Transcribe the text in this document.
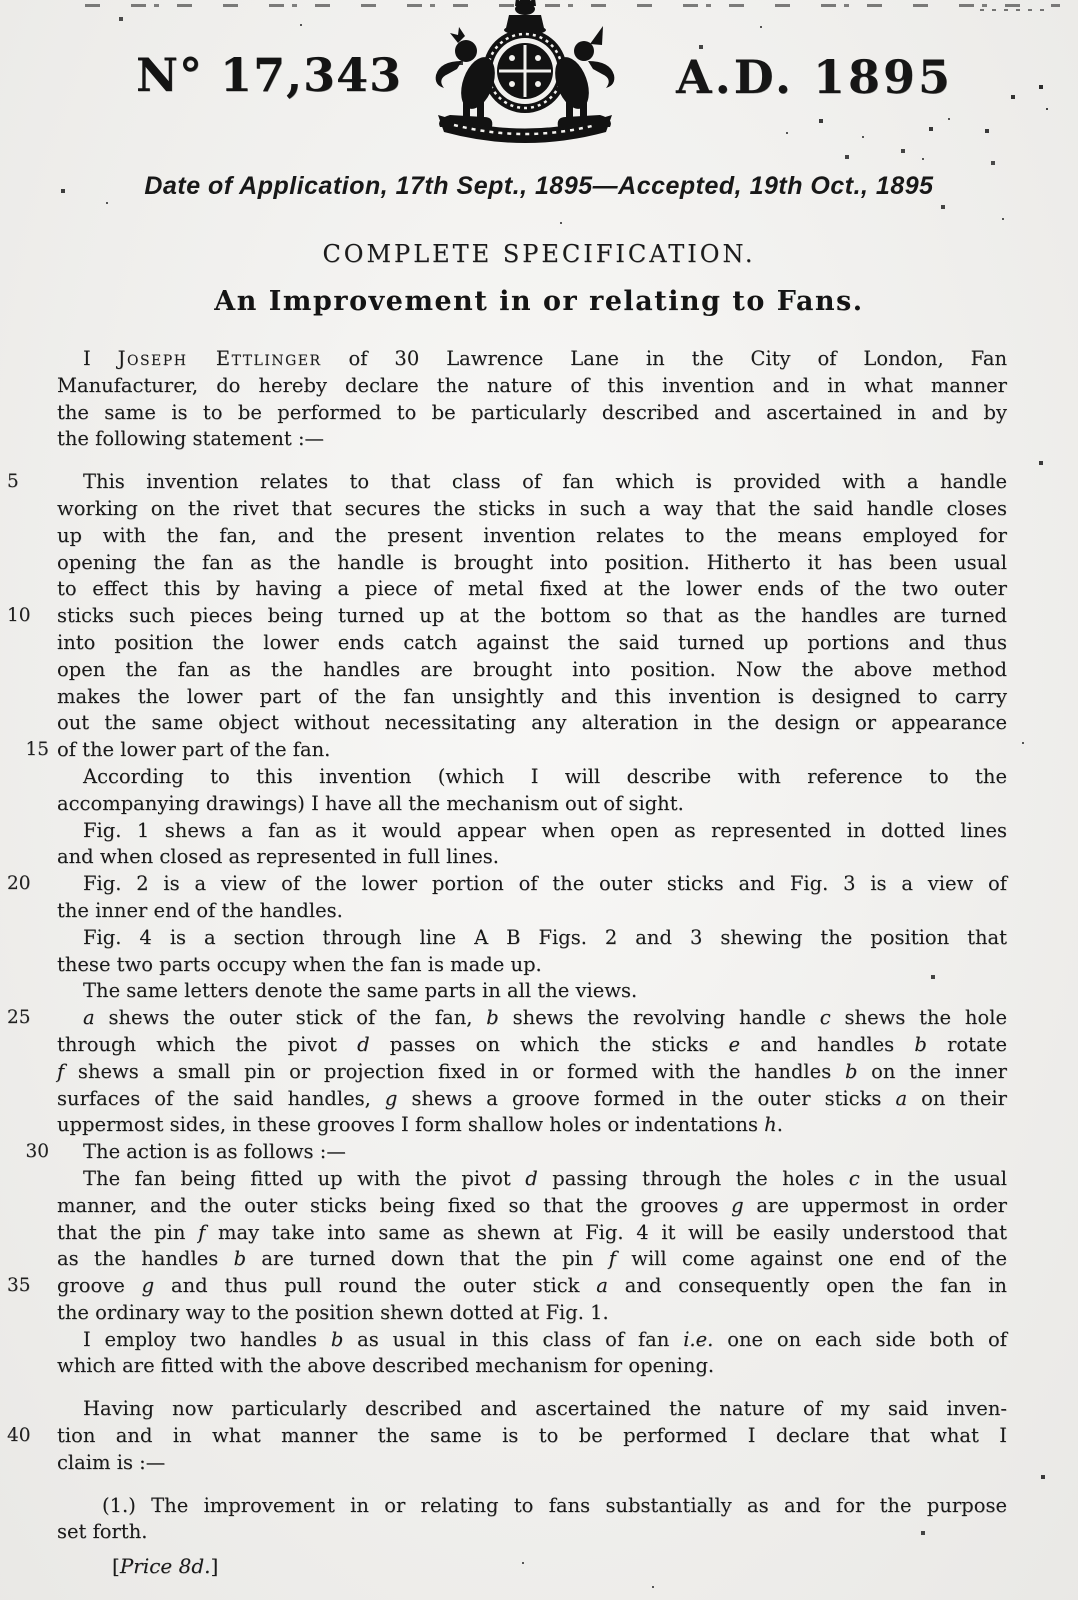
N° 17,343	A.D. 1895
Date of Application, 17th Sept., 1895—Accepted, 19th Oct., 1895
COMPLETE SPECIFICATION.
An Improvement in or relating to Fans.
I Joseph Ettlinger of 30 Lawrence Lane in the City of London, Fan
Manufacturer, do hereby declare the nature of this invention and in what manner
the same is to be performed to be particularly described and ascertained in and by
the following statement :—
5	This invention relates to that class of fan which is provided with a handle
working on the rivet that secures the sticks in such a way that the said handle closes
up with the fan, and the present invention relates to the means employed for
opening the fan as the handle is brought into position. Hitherto it has been usual
to effect this by having a piece of metal fixed at the lower ends of the two outer
10	sticks such pieces being turned up at the bottom so that as the handles are turned
into position the lower ends catch against the said turned up portions and thus
open the fan as the handles are brought into position. Now the above method
makes the lower part of the fan unsightly and this invention is designed to carry
out the same object without necessitating any alteration in the design or appearance
15 of the lower part of the fan.
According to this invention (which I will describe with reference to the
accompanying drawings) I have all the mechanism out of sight.
Fig. 1 shews a fan as it would appear when open as represented in dotted lines
and when closed as represented in full lines.
20	Fig. 2 is a view of the lower portion of the outer sticks and Fig. 3 is a view of
the inner end of the handles.
Fig. 4 is a section through line A B Figs. 2 and 3 shewing the position that
these two parts occupy when the fan is made up.
The same letters denote the same parts in all the views.
25	a shews the outer stick of the fan, b shews the revolving handle c shews the hole
through which the pivot d passes on which the sticks e and handles b rotate
f shews a small pin or projection fixed in or formed with the handles b on the inner
surfaces of the said handles, g shews a groove formed in the outer sticks a on their
uppermost sides, in these grooves I form shallow holes or indentations h.
30 The action is as follows :—
The fan being fitted up with the pivot d passing through the holes c in the usual
manner, and the outer sticks being fixed so that the grooves g are uppermost in order
that the pin f may take into same as shewn at Fig. 4 it will be easily understood that
as the handles b are turned down that the pin f will come against one end of the
35	groove g and thus pull round the outer stick a and consequently open the fan in
the ordinary way to the position shewn dotted at Fig. 1.
I employ two handles b as usual in this class of fan i.e. one on each side both of
which are fitted with the above described mechanism for opening.
Having now particularly described and ascertained the nature of my said inven-
40	tion and in what manner the same is to be performed I declare that what I
claim is :—
(1.) The improvement in or relating to fans substantially as and for the purpose
set forth.
[Price 8d.]
